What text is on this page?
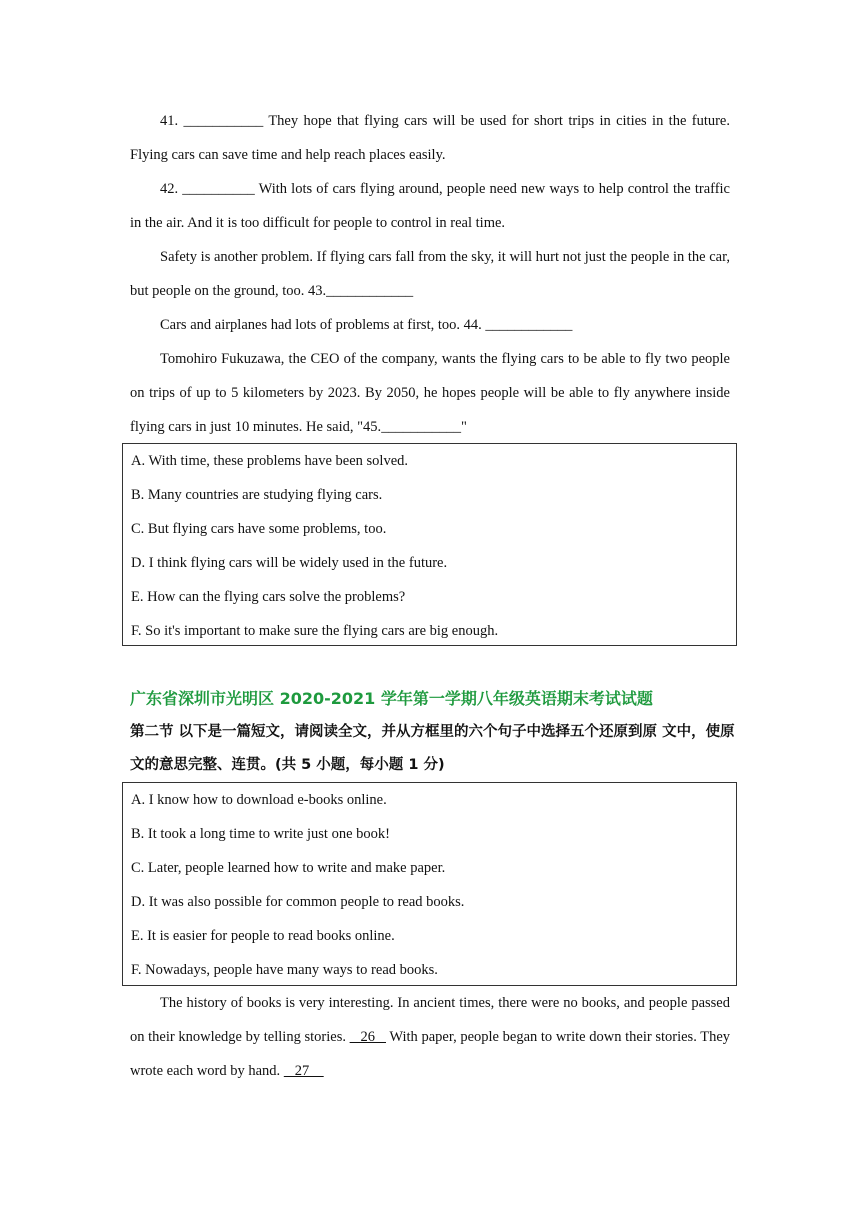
41. ___________ They hope that flying cars will be used for short trips in cities in the future. Flying cars can save time and help reach places easily.

42. __________ With lots of cars flying around, people need new ways to help control the traffic in the air. And it is too difficult for people to control in real time.

Safety is another problem. If flying cars fall from the sky, it will hurt not just the people in the car, but people on the ground, too. 43.____________

Cars and airplanes had lots of problems at first, too. 44. ____________

Tomohiro Fukuzawa, the CEO of the company, wants the flying cars to be able to fly two people on trips of up to 5 kilometers by 2023. By 2050, he hopes people will be able to fly anywhere inside flying cars in just 10 minutes. He said, "45.___________"

A. With time, these problems have been solved.
B. Many countries are studying flying cars.
C. But flying cars have some problems, too.
D. I think flying cars will be widely used in the future.
E. How can the flying cars solve the problems?
F. So it's important to make sure the flying cars are big enough.
广东省深圳市光明区 2020-2021 学年第一学期八年级英语期末考试试题

第二节 以下是一篇短文，请阅读全文，并从方框里的六个句子中选择五个还原到原 文中，使原文的意思完整、连贯。(共 5 小题，每小题 1 分)

A. I know how to download e-books online.
B. It took a long time to write just one book!
C. Later, people learned how to write and make paper.
D. It was also possible for common people to read books.
E. It is easier for people to read books online.
F. Nowadays, people have many ways to read books.

The history of books is very interesting. In ancient times, there were no books, and people passed on their knowledge by telling stories.    26    With paper, people began to write down their stories. They wrote each word by hand.    27
